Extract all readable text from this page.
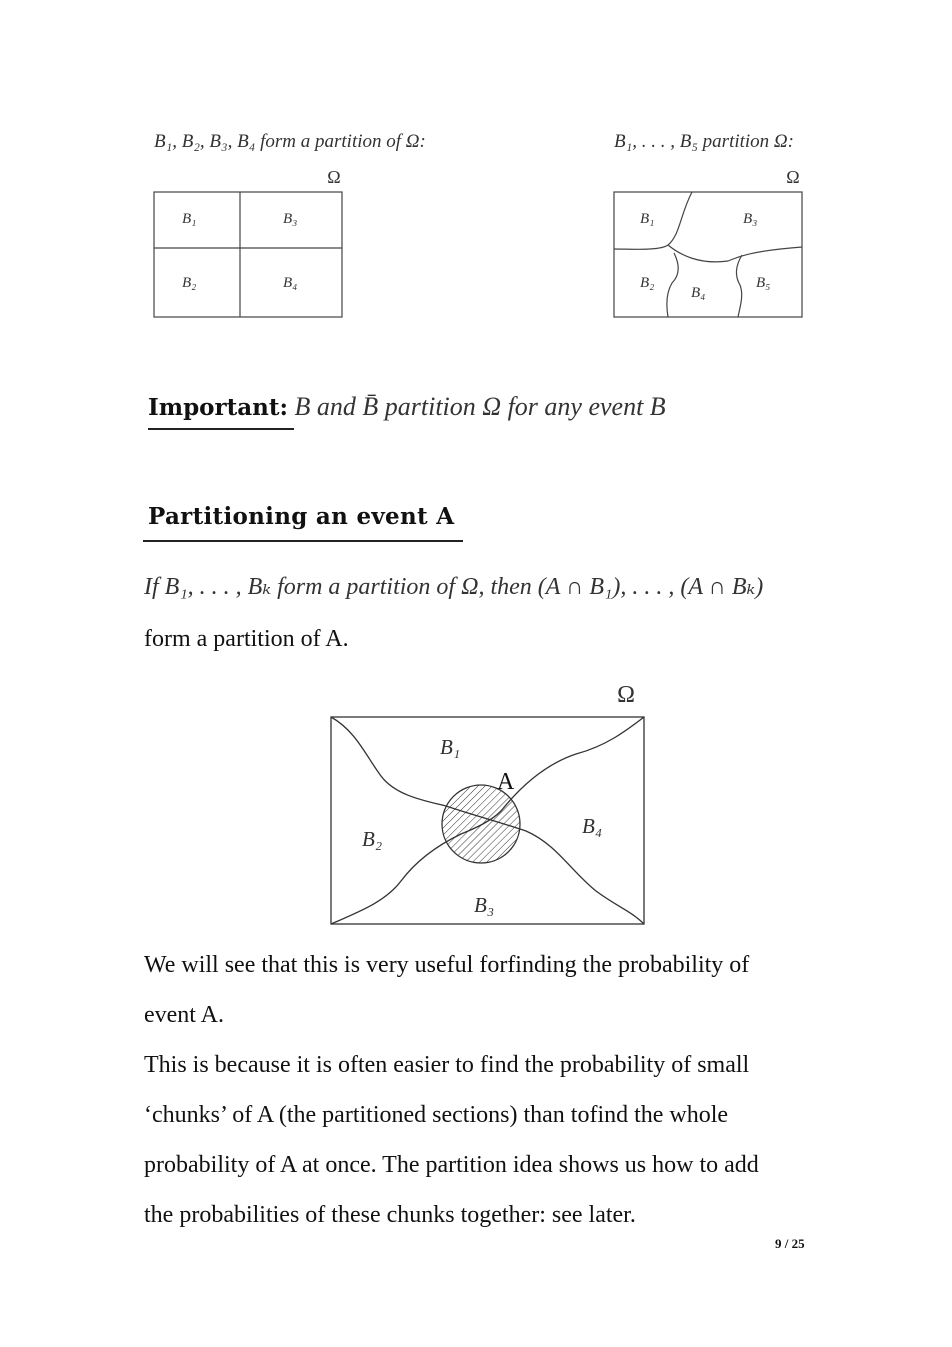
B₁, B₂, B₃, B₄ form a partition of Ω:	B₁, . . . , B₅ partition Ω:
Ω
B₁	B₃
B₂	B₄
Ω
B₁	B₃
B₂
B₄
B₅
Important: B and B̄ partition Ω for any event B
Partitioning an event A
If B₁, . . . , Bₖ form a partition of Ω, then (A ∩ B₁), . . . , (A ∩ Bₖ)
form a partition of A.
Ω
B₁
B₂
B₃
B₄
A
We will see that this is very useful forfinding the probability of
event A.
This is because it is often easier to find the probability of small
‘chunks’ of A (the partitioned sections) than tofind the whole
probability of A at once. The partition idea shows us how to add
the probabilities of these chunks together: see later.
9 / 25
